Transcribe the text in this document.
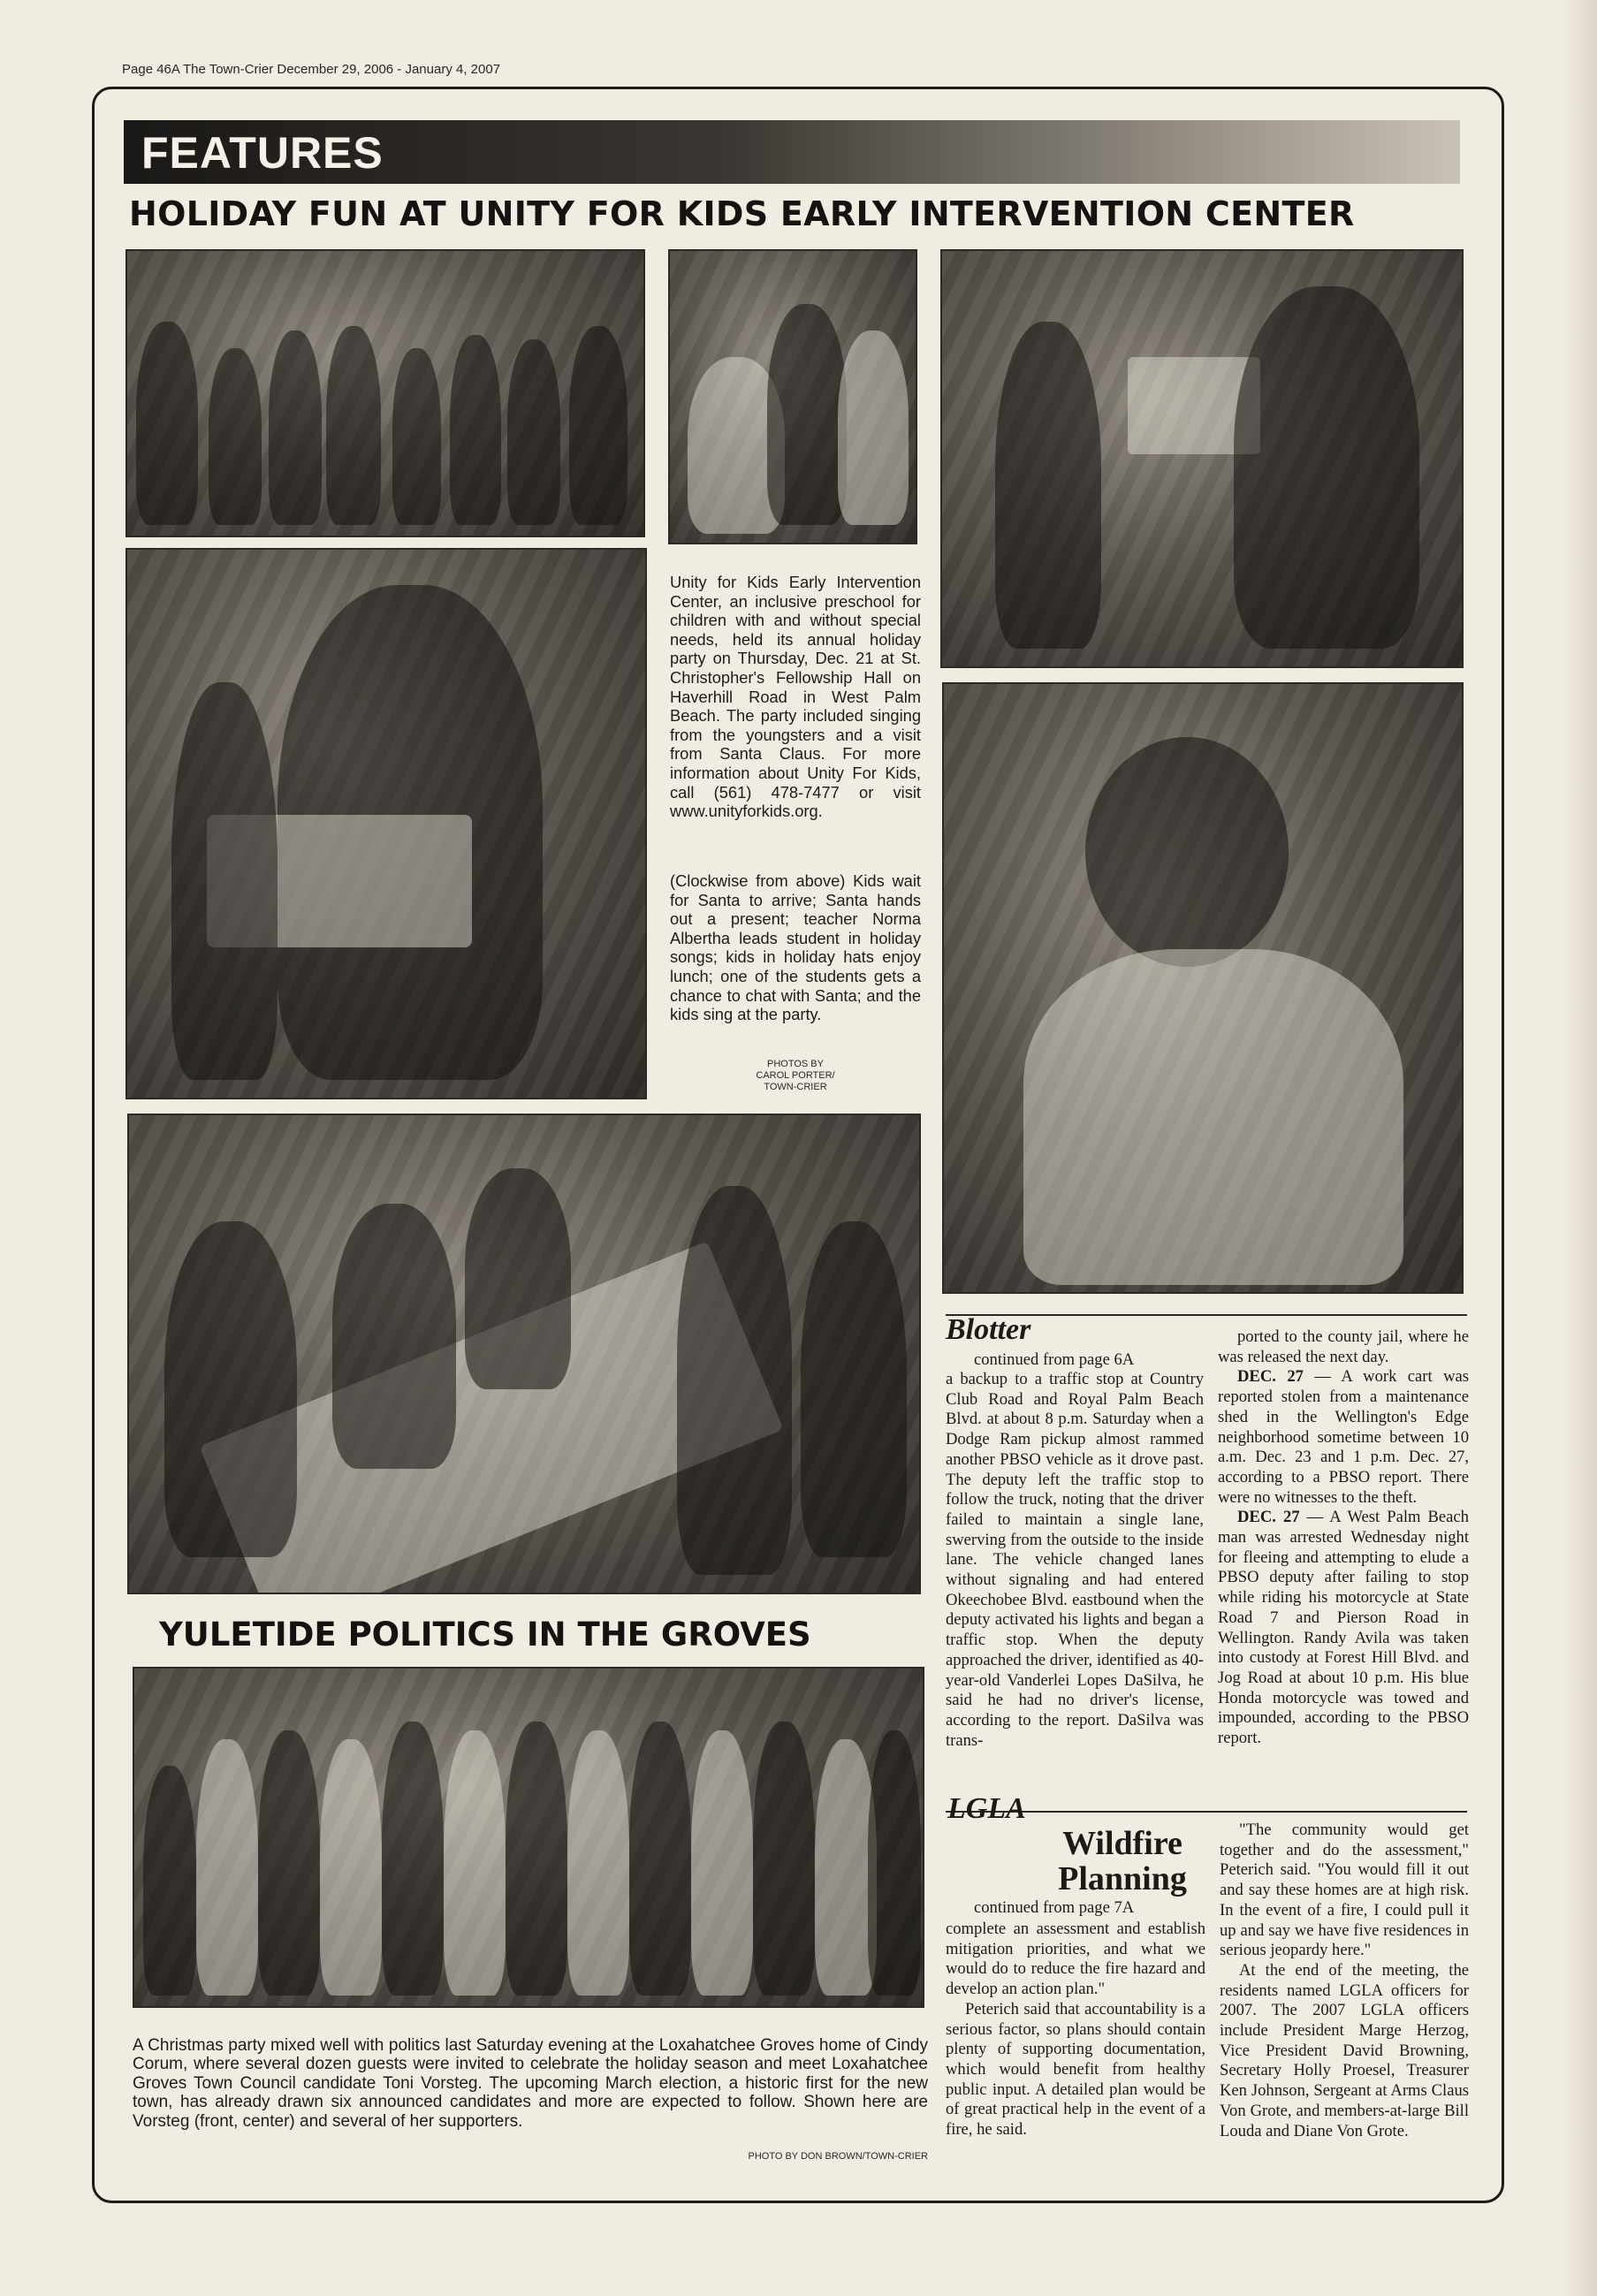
Page 46A The Town-Crier December 29, 2006 - January 4, 2007
FEATURES
HOLIDAY FUN AT UNITY FOR KIDS EARLY INTERVENTION CENTER

Unity for Kids Early Intervention Center, an inclusive preschool for children with and without special needs, held its annual holiday party on Thursday, Dec. 21 at St. Christopher's Fellowship Hall on Haverhill Road in West Palm Beach. The party included singing from the youngsters and a visit from Santa Claus. For more information about Unity For Kids, call (561) 478-7477 or visit www.unityforkids.org.

(Clockwise from above) Kids wait for Santa to arrive; Santa hands out a present; teacher Norma Albertha leads student in holiday songs; kids in holiday hats enjoy lunch; one of the students gets a chance to chat with Santa; and the kids sing at the party.

PHOTOS BY
CAROL PORTER/
TOWN-CRIER
Blotter

continued from page 6A

a backup to a traffic stop at Country Club Road and Royal Palm Beach Blvd. at about 8 p.m. Saturday when a Dodge Ram pickup almost rammed another PBSO vehicle as it drove past. The deputy left the traffic stop to follow the truck, noting that the driver failed to maintain a single lane, swerving from the outside to the inside lane. The vehicle changed lanes without signaling and had entered Okeechobee Blvd. eastbound when the deputy activated his lights and began a traffic stop. When the deputy approached the driver, identified as 40-year-old Vanderlei Lopes DaSilva, he said he had no driver's license, according to the report. DaSilva was trans-

ported to the county jail, where he was released the next day.

DEC. 27 — A work cart was reported stolen from a maintenance shed in the Wellington's Edge neighborhood sometime between 10 a.m. Dec. 23 and 1 p.m. Dec. 27, according to a PBSO report. There were no witnesses to the theft.

DEC. 27 — A West Palm Beach man was arrested Wednesday night for fleeing and attempting to elude a PBSO deputy after failing to stop while riding his motorcycle at State Road 7 and Pierson Road in Wellington. Randy Avila was taken into custody at Forest Hill Blvd. and Jog Road at about 10 p.m. His blue Honda motorcycle was towed and impounded, according to the PBSO report.

YULETIDE POLITICS IN THE GROVES

A Christmas party mixed well with politics last Saturday evening at the Loxahatchee Groves home of Cindy Corum, where several dozen guests were invited to celebrate the holiday season and meet Loxahatchee Groves Town Council candidate Toni Vorsteg. The upcoming March election, a historic first for the new town, has already drawn six announced candidates and more are expected to follow. Shown here are Vorsteg (front, center) and several of her supporters.

PHOTO BY DON BROWN/TOWN-CRIER

LGLA
Wildfire
Planning

continued from page 7A

complete an assessment and establish mitigation priorities, and what we would do to reduce the fire hazard and develop an action plan."

Peterich said that accountability is a serious factor, so plans should contain plenty of supporting documentation, which would benefit from healthy public input. A detailed plan would be of great practical help in the event of a fire, he said.

"The community would get together and do the assessment," Peterich said. "You would fill it out and say these homes are at high risk. In the event of a fire, I could pull it up and say we have five residences in serious jeopardy here."

At the end of the meeting, the residents named LGLA officers for 2007. The 2007 LGLA officers include President Marge Herzog, Vice President David Browning, Secretary Holly Proesel, Treasurer Ken Johnson, Sergeant at Arms Claus Von Grote, and members-at-large Bill Louda and Diane Von Grote.
